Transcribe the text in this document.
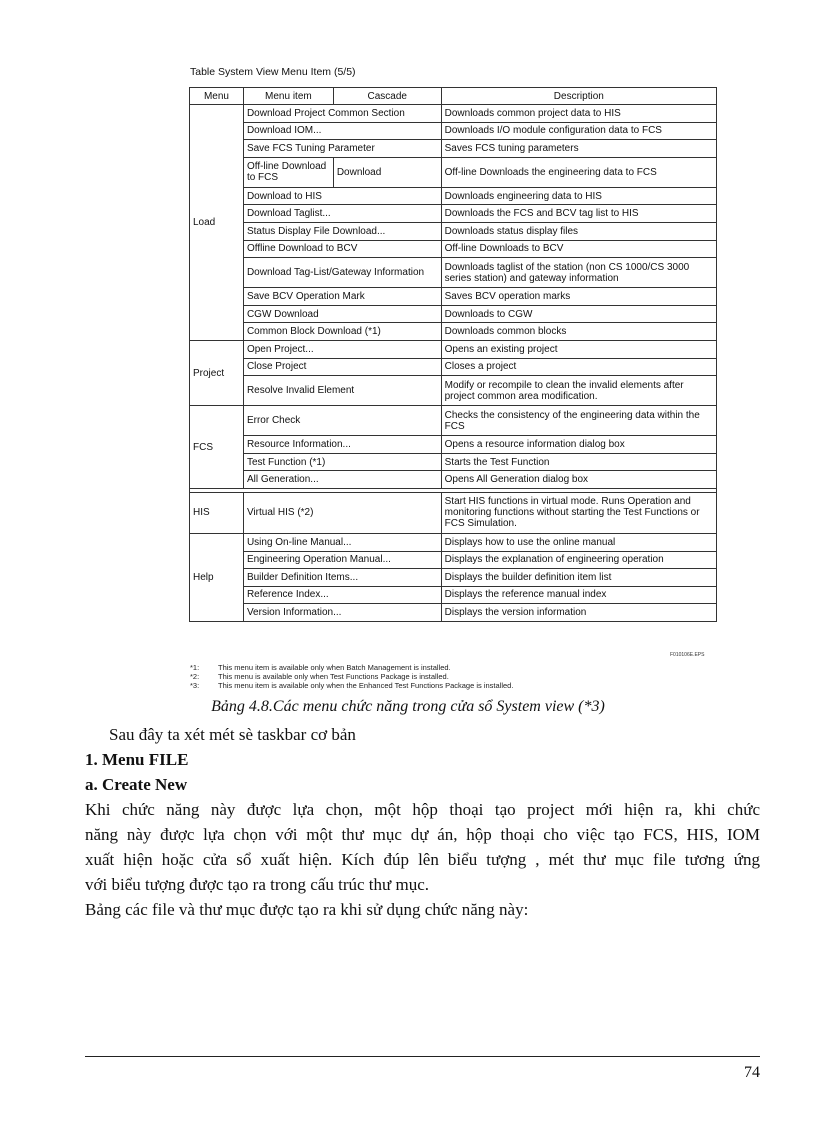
Table System View Menu Item (5/5)
Menu	Menu item	Cascade	Description
Load	Download Project Common Section		Downloads common project data to HIS
	Download IOM...		Downloads I/O module configuration data to FCS
	Save FCS Tuning Parameter		Saves FCS tuning parameters
	Off-line Download to FCS	Download	Off-line Downloads the engineering data to FCS
	Download to HIS		Downloads engineering data to HIS
	Download Taglist...		Downloads the FCS and BCV tag list to HIS
	Status Display File Download...		Downloads status display files
	Offline Download to BCV		Off-line Downloads to BCV
	Download Tag-List/Gateway Information		Downloads taglist of the station (non CS 1000/CS 3000 series station) and gateway information
	Save BCV Operation Mark		Saves BCV operation marks
	CGW Download		Downloads to CGW
	Common Block Download (*1)		Downloads common blocks
Project	Open Project...		Opens an existing project
	Close Project		Closes a project
	Resolve Invalid Element		Modify or recompile to clean the invalid elements after project common area modification.
FCS	Error Check		Checks the consistency of the engineering data within the FCS
	Resource Information...		Opens a resource information dialog box
	Test Function (*1)		Starts the Test Function
	All Generation...		Opens All Generation dialog box

HIS	Virtual HIS (*2)		Start HIS functions in virtual mode. Runs Operation and monitoring functions without starting the Test Functions or FCS Simulation.
Help	Using On-line Manual...		Displays how to use the online manual
	Engineering Operation Manual...		Displays the explanation of engineering operation
	Builder Definition Items...		Displays the builder definition item list
	Reference Index...		Displays the reference manual index
	Version Information...		Displays the version information
F010106E.EPS
*1:	This menu item is available only when Batch Management is installed.
*2:	This menu is available only when Test Functions Package is installed.
*3:	This menu item is available only when the Enhanced Test Functions Package is installed.
Bảng 4.8.Các menu chức năng trong cửa sổ System view (*3)
Sau đây ta xét mét sè taskbar cơ bản
1. Menu FILE
a. Create New
Khi chức năng này được lựa chọn, một hộp thoại tạo project mới hiện ra, khi chức
năng này được lựa chọn với một thư mục dự án, hộp thoại cho việc tạo FCS, HIS, IOM
xuất hiện hoặc cửa sổ xuất hiện. Kích đúp lên biểu tượng , mét thư mục file tương ứng
với biểu tượng được tạo ra trong cấu trúc thư mục.
Bảng các file và thư mục được tạo ra khi sử dụng chức năng này:
74
